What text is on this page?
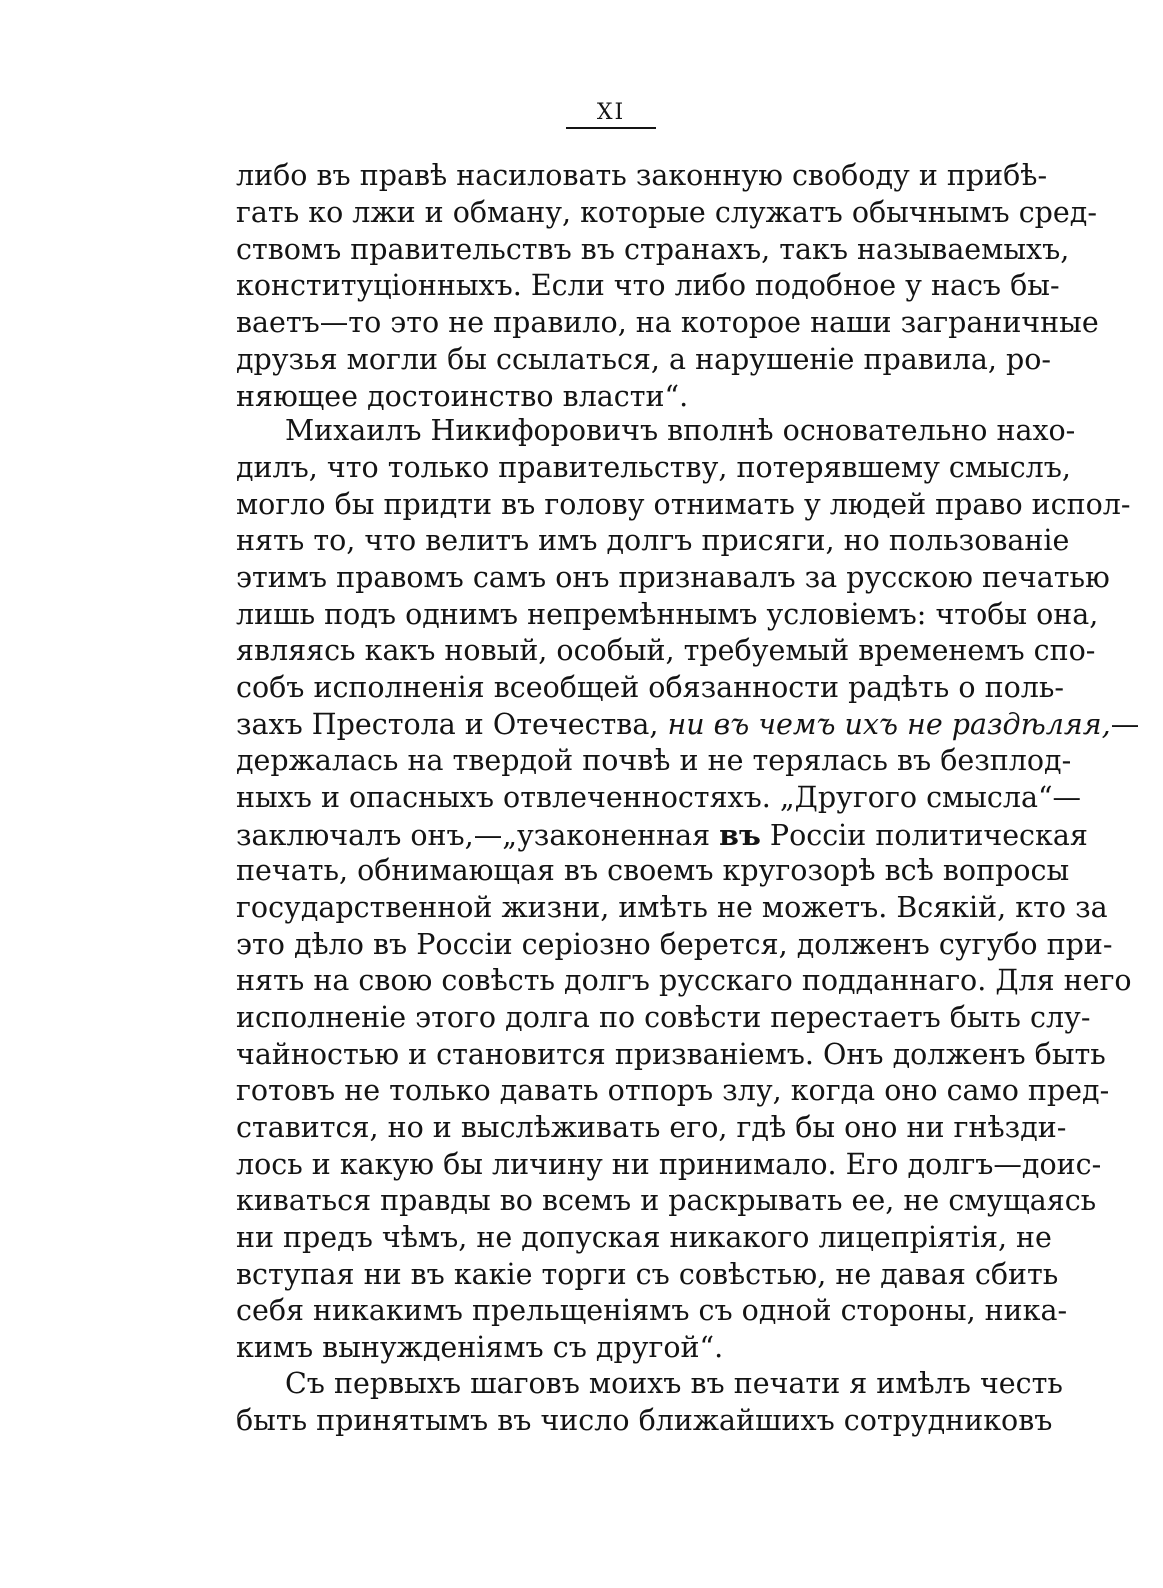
XI
либо въ правѣ насиловать законную свободу и прибѣ-
гать ко лжи и обману, которые служатъ обычнымъ сред-
ствомъ правительствъ въ странахъ, такъ называемыхъ,
конституціонныхъ. Если что либо подобное у насъ бы-
ваетъ—то это не правило, на которое наши заграничные
друзья могли бы ссылаться, а нарушеніе правила, ро-
няющее достоинство власти“.
Михаилъ Никифоровичъ вполнѣ основательно нахо-
дилъ, что только правительству, потерявшему смыслъ,
могло бы придти въ голову отнимать у людей право испол-
нять то, что велитъ имъ долгъ присяги, но пользованіе
этимъ правомъ самъ онъ признавалъ за русскою печатью
лишь подъ однимъ непремѣннымъ условіемъ: чтобы она,
являясь какъ новый, особый, требуемый временемъ спо-
собъ исполненія всеобщей обязанности радѣть о поль-
захъ Престола и Отечества, ни въ чемъ ихъ не раздѣляя,—
держалась на твердой почвѣ и не терялась въ безплод-
ныхъ и опасныхъ отвлеченностяхъ. „Другого смысла“—
заключалъ онъ,—„узаконенная въ Россіи политическая
печать, обнимающая въ своемъ кругозорѣ всѣ вопросы
государственной жизни, имѣть не можетъ. Всякій, кто за
это дѣло въ Россіи серіозно берется, долженъ сугубо при-
нять на свою совѣсть долгъ русскаго подданнаго. Для него
исполненіе этого долга по совѣсти перестаетъ быть слу-
чайностью и становится призваніемъ. Онъ долженъ быть
готовъ не только давать отпоръ злу, когда оно само пред-
ставится, но и выслѣживать его, гдѣ бы оно ни гнѣзди-
лось и какую бы личину ни принимало. Его долгъ—доис-
киваться правды во всемъ и раскрывать ее, не смущаясь
ни предъ чѣмъ, не допуская никакого лицепріятія, не
вступая ни въ какіе торги съ совѣстью, не давая сбить
себя никакимъ прельщеніямъ съ одной стороны, ника-
кимъ вынужденіямъ съ другой“.
Съ первыхъ шаговъ моихъ въ печати я имѣлъ честь
быть принятымъ въ число ближайшихъ сотрудниковъ
